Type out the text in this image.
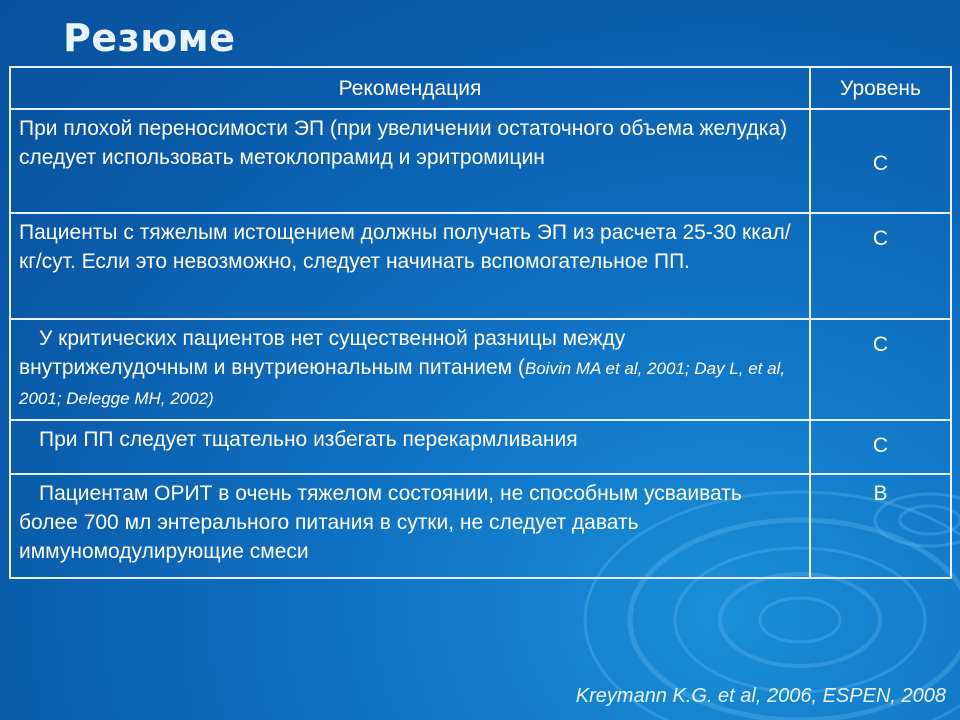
Резюме
Рекомендация	Уровень
При плохой переносимости ЭП (при увеличении остаточного объема желудка) следует использовать метоклопрамид и эритромицин	С
Пациенты с тяжелым истощением должны получать ЭП из расчета 25-30 ккал/кг/сут. Если это невозможно, следует начинать вспомогательное ПП.	С
У критических пациентов нет существенной разницы между внутрижелудочным и внутриеюнальным питанием (Boivin MA et al, 2001; Day L, et al, 2001; Delegge MH, 2002)	С
При ПП следует тщательно избегать перекармливания	С
Пациентам ОРИТ в очень тяжелом состоянии, не способным усваивать более 700 мл энтерального питания в сутки, не следует давать иммуномодулирующие смеси	В
Kreymann K.G. et al, 2006, ESPEN, 2008
